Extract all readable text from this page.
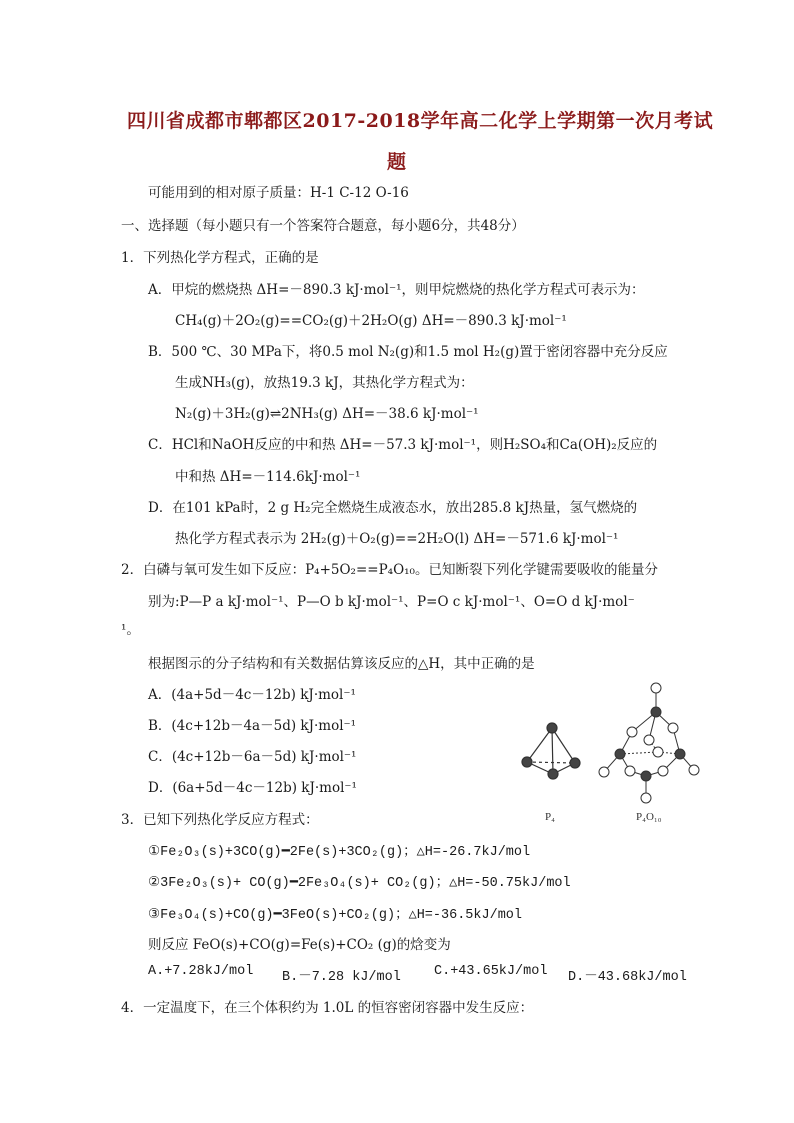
四川省成都市郫都区2017-2018学年高二化学上学期第一次月考试
题
可能用到的相对原子质量：H-1 C-12 O-16
一、选择题（每小题只有一个答案符合题意，每小题6分，共48分）
1．下列热化学方程式，正确的是
A．甲烷的燃烧热 ΔH=－890.3 kJ·mol⁻¹，则甲烷燃烧的热化学方程式可表示为：
CH₄(g)＋2O₂(g)==CO₂(g)＋2H₂O(g) ΔH=－890.3 kJ·mol⁻¹
B．500 ℃、30 MPa下，将0.5 mol N₂(g)和1.5 mol H₂(g)置于密闭容器中充分反应
生成NH₃(g)，放热19.3 kJ，其热化学方程式为：
N₂(g)＋3H₂(g)⇌2NH₃(g) ΔH=－38.6 kJ·mol⁻¹
C．HCl和NaOH反应的中和热 ΔH=－57.3 kJ·mol⁻¹，则H₂SO₄和Ca(OH)₂反应的
中和热 ΔH=－114.6kJ·mol⁻¹
D．在101 kPa时，2 g H₂完全燃烧生成液态水，放出285.8 kJ热量，氢气燃烧的
热化学方程式表示为 2H₂(g)＋O₂(g)==2H₂O(l) ΔH=－571.6 kJ·mol⁻¹
2．白磷与氧可发生如下反应：P₄+5O₂==P₄O₁₀。已知断裂下列化学键需要吸收的能量分
别为:P—P a kJ·mol⁻¹、P—O b kJ·mol⁻¹、P=O c kJ·mol⁻¹、O=O d kJ·mol⁻
¹。
根据图示的分子结构和有关数据估算该反应的△H，其中正确的是
A．(4a+5d－4c－12b) kJ·mol⁻¹
B．(4c+12b－4a－5d) kJ·mol⁻¹
C．(4c+12b－6a－5d) kJ·mol⁻¹
D．(6a+5d－4c－12b) kJ·mol⁻¹
P₄	P₄O₁₀
3．已知下列热化学反应方程式：
①Fe₂O₃(s)+3CO(g)━2Fe(s)+3CO₂(g)；△H=-26.7kJ/mol
②3Fe₂O₃(s)+ CO(g)━2Fe₃O₄(s)+ CO₂(g)；△H=-50.75kJ/mol
③Fe₃O₄(s)+CO(g)━3FeO(s)+CO₂(g)；△H=-36.5kJ/mol
则反应 FeO(s)+CO(g)=Fe(s)+CO₂ (g)的焓变为
A.+7.28kJ/mol B.－7.28 kJ/mol C.+43.65kJ/mol D.－43.68kJ/mol
4．一定温度下，在三个体积约为 1.0L 的恒容密闭容器中发生反应：
